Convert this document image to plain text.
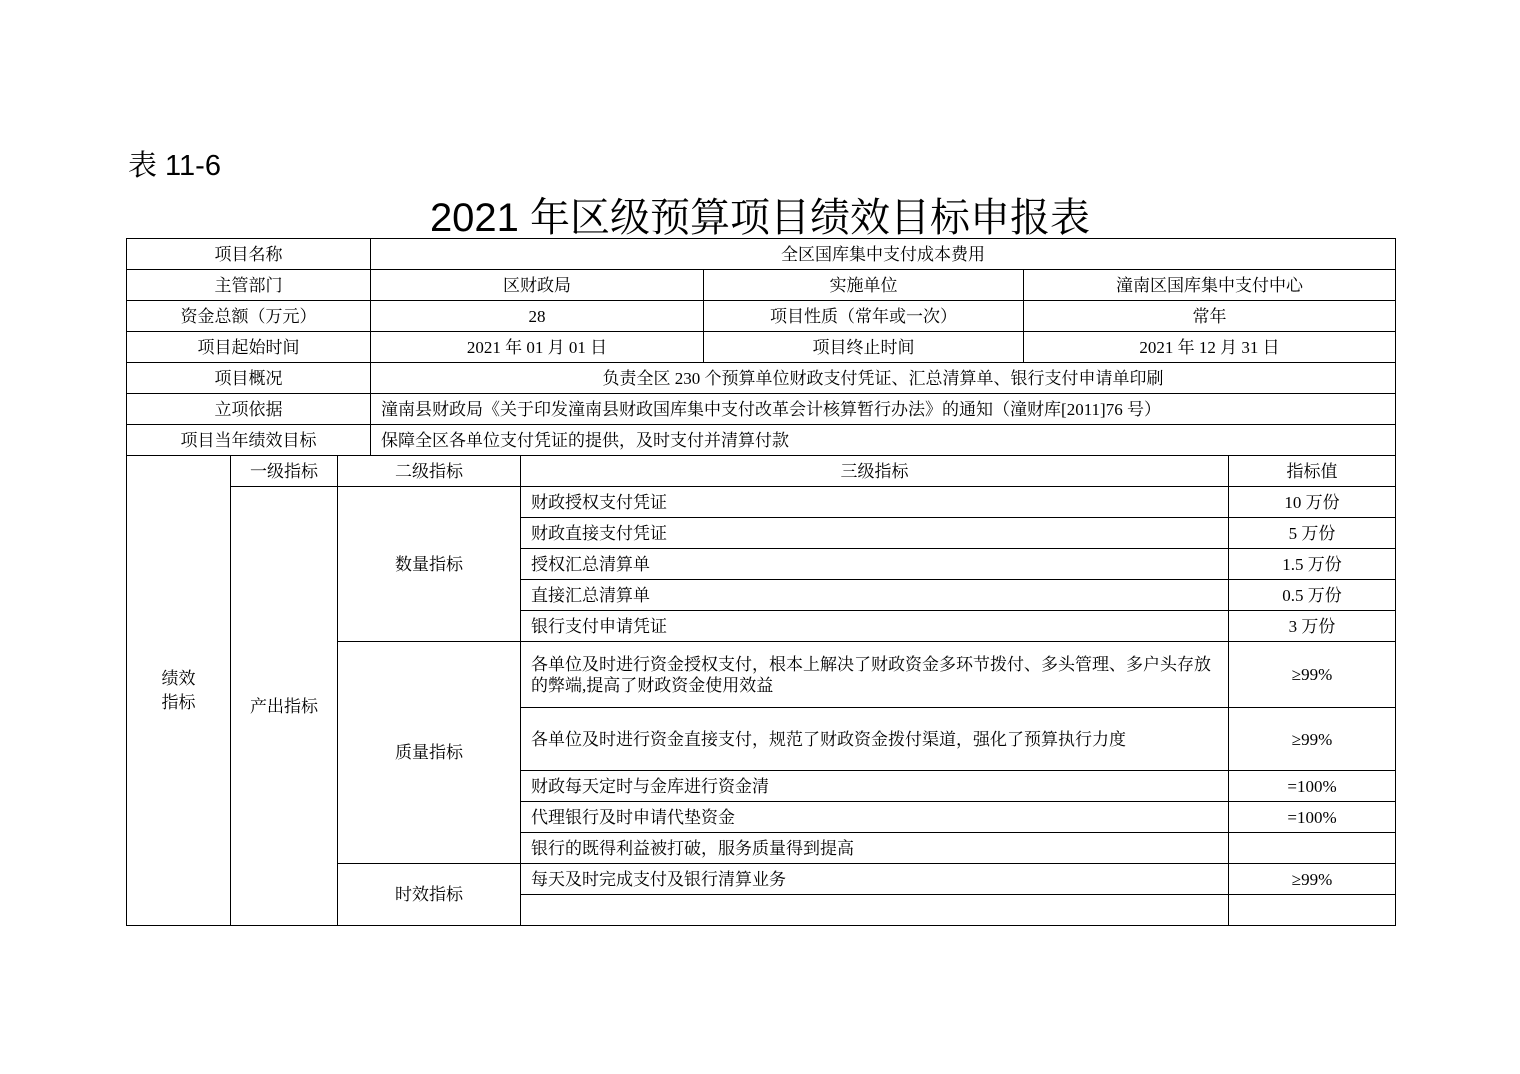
表 11-6
2021 年区级预算项目绩效目标申报表
项目名称			全区国库集中支付成本费用				
主管部门			区财政局		实施单位	潼南区国库集中支付中心	
资金总额（万元）			28		项目性质（常年或一次）	常年	
项目起始时间			2021 年 01 月 01 日		项目终止时间	2021 年 12 月 31 日	
项目概况			负责全区 230 个预算单位财政支付凭证、汇总清算单、银行支付申请单印刷				
立项依据			潼南县财政局《关于印发潼南县财政国库集中支付改革会计核算暂行办法》的通知（潼财库[2011]76 号）				
项目当年绩效目标			保障全区各单位支付凭证的提供，及时支付并清算付款				
绩效指标	一级指标	二级指标		三级指标			指标值
	产出指标	数量指标		财政授权支付凭证			10 万份
				财政直接支付凭证			5 万份
				授权汇总清算单			1.5 万份
				直接汇总清算单			0.5 万份
				银行支付申请凭证			3 万份
		质量指标		各单位及时进行资金授权支付，根本上解决了财政资金多环节拨付、多头管理、多户头存放的弊端,提高了财政资金使用效益			≥99%
				各单位及时进行资金直接支付，规范了财政资金拨付渠道，强化了预算执行力度			≥99%
				财政每天定时与金库进行资金清			=100%
				代理银行及时申请代垫资金			=100%
				银行的既得利益被打破，服务质量得到提高			
		时效指标		每天及时完成支付及银行清算业务			≥99%
